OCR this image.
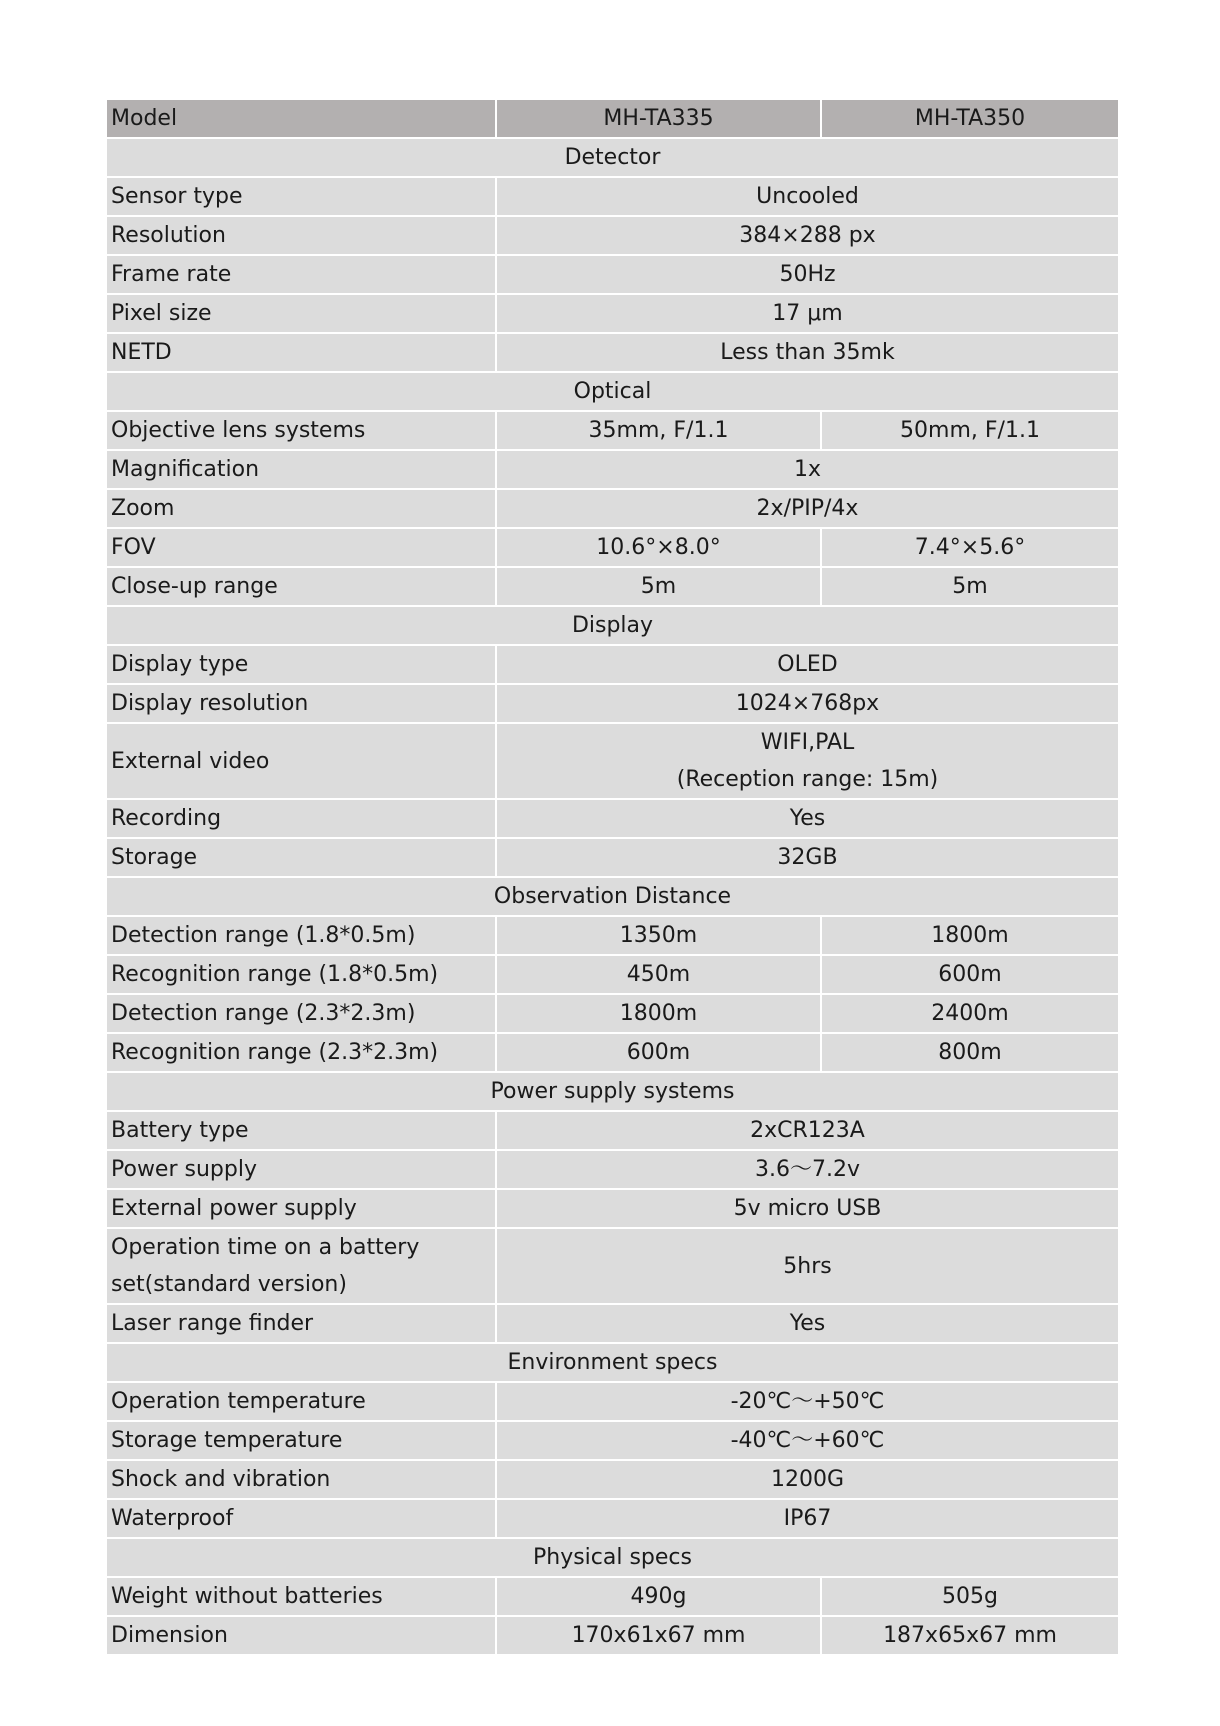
Model	MH-TA335	MH-TA350
Detector		
Sensor type	Uncooled	
Resolution	384×288 px	
Frame rate	50Hz	
Pixel size	17 μm	
NETD	Less than 35mk	
Optical		
Objective lens systems	35mm, F/1.1	50mm, F/1.1
Magnification	1x	
Zoom	2x/PIP/4x	
FOV	10.6°×8.0°	7.4°×5.6°
Close-up range	5m	5m
Display		
Display type	OLED	
Display resolution	1024×768px	
External video	WIFI,PAL
(Reception range: 15m)	

Recording	Yes	
Storage	32GB	
Observation Distance		
Detection range (1.8*0.5m)	1350m	1800m
Recognition range (1.8*0.5m)	450m	600m
Detection range (2.3*2.3m)	1800m	2400m
Recognition range (2.3*2.3m)	600m	800m
Power supply systems		
Battery type	2xCR123A	
Power supply	3.6～7.2v	
External power supply	5v micro USB	

Operation time on a battery
set(standard version)	5hrs	
Laser range finder	Yes	
Environment specs		
Operation temperature	-20℃～+50℃	
Storage temperature	-40℃～+60℃	
Shock and vibration	1200G	
Waterproof	IP67	
Physical specs		
Weight without batteries	490g	505g
Dimension	170x61x67 mm	187x65x67 mm
